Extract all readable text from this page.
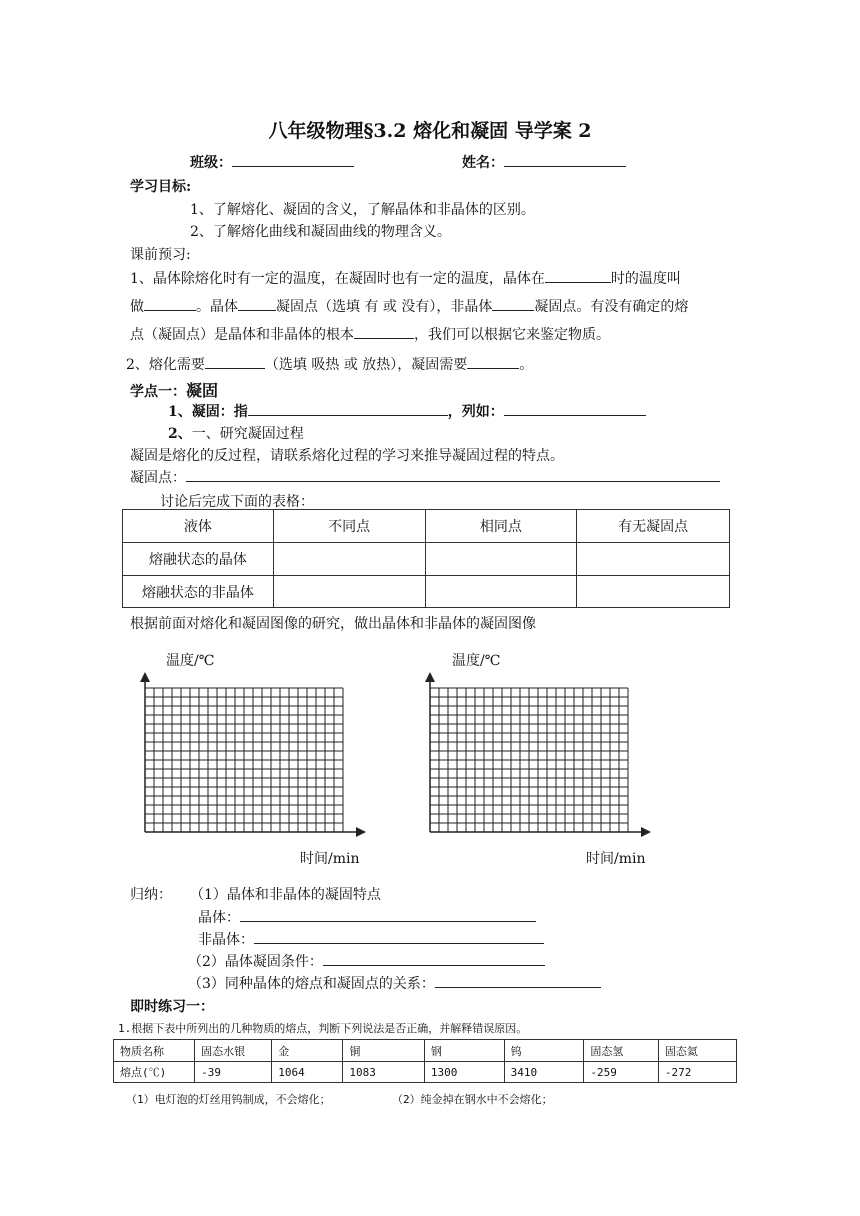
八年级物理§3.2 熔化和凝固 导学案 2
班级：	姓名：
学习目标:
1、了解熔化、凝固的含义，了解晶体和非晶体的区别。
2、了解熔化曲线和凝固曲线的物理含义。
课前预习:
1、晶体除熔化时有一定的温度，在凝固时也有一定的温度，晶体在	时的温度叫
做	。晶体	凝固点（选填 有 或 没有），非晶体	凝固点。有没有确定的熔
点（凝固点）是晶体和非晶体的根本	，我们可以根据它来鉴定物质。
2、熔化需要	（选填 吸热 或 放热），凝固需要	。
学点一：凝固
1、凝固：指	，列如：
2、一、研究凝固过程
凝固是熔化的反过程，请联系熔化过程的学习来推导凝固过程的特点。
凝固点：
讨论后完成下面的表格：
液体	不同点	相同点	有无凝固点
熔融状态的晶体			
熔融状态的非晶体			
根据前面对熔化和凝固图像的研究，做出晶体和非晶体的凝固图像
温度/℃
时间/min
温度/℃
时间/min
归纳： （1）晶体和非晶体的凝固特点
晶体：
非晶体：
（2）晶体凝固条件：
（3）同种晶体的熔点和凝固点的关系：
即时练习一：
1.根据下表中所列出的几种物质的熔点，判断下列说法是否正确，并解释错误原因。
物质名称	固态水银	金	铜	钢	钨	固态氢	固态氦
熔点(℃)	-39	1064	1083	1300	3410	-259	-272
（1）电灯泡的灯丝用钨制成，不会熔化；	（2）纯金掉在钢水中不会熔化；
